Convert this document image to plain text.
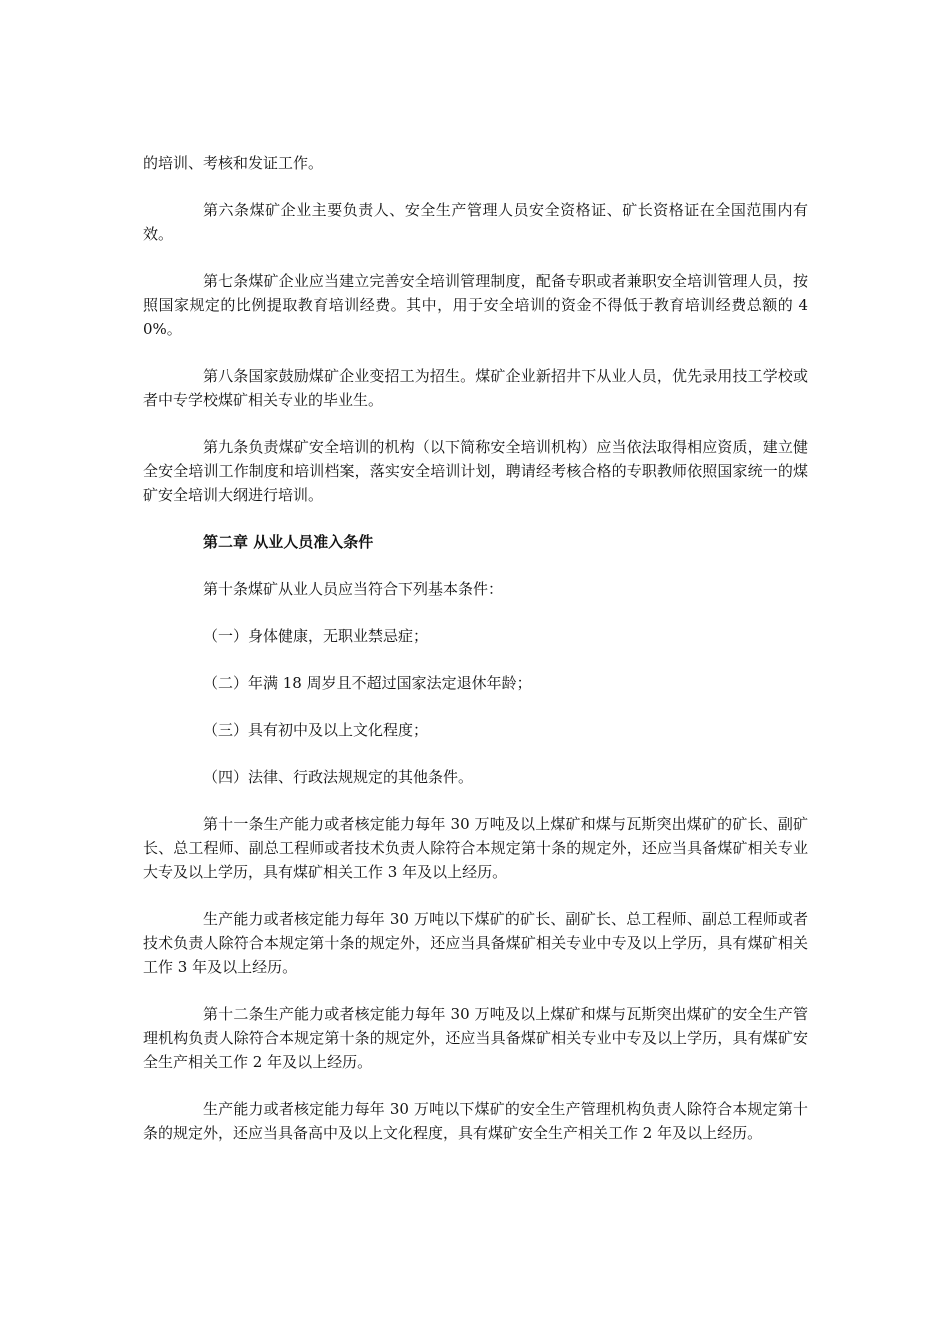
的培训、考核和发证工作。

第六条煤矿企业主要负责人、安全生产管理人员安全资格证、矿长资格证在全国范围内有效。

第七条煤矿企业应当建立完善安全培训管理制度，配备专职或者兼职安全培训管理人员，按照国家规定的比例提取教育培训经费。其中，用于安全培训的资金不得低于教育培训经费总额的 40%。

第八条国家鼓励煤矿企业变招工为招生。煤矿企业新招井下从业人员，优先录用技工学校或者中专学校煤矿相关专业的毕业生。

第九条负责煤矿安全培训的机构（以下简称安全培训机构）应当依法取得相应资质，建立健全安全培训工作制度和培训档案，落实安全培训计划，聘请经考核合格的专职教师依照国家统一的煤矿安全培训大纲进行培训。

第二章 从业人员准入条件
第十条煤矿从业人员应当符合下列基本条件：
（一）身体健康，无职业禁忌症；
（二）年满 18 周岁且不超过国家法定退休年龄；
（三）具有初中及以上文化程度；
（四）法律、行政法规规定的其他条件。

第十一条生产能力或者核定能力每年 30 万吨及以上煤矿和煤与瓦斯突出煤矿的矿长、副矿长、总工程师、副总工程师或者技术负责人除符合本规定第十条的规定外，还应当具备煤矿相关专业大专及以上学历，具有煤矿相关工作 3 年及以上经历。

生产能力或者核定能力每年 30 万吨以下煤矿的矿长、副矿长、总工程师、副总工程师或者技术负责人除符合本规定第十条的规定外，还应当具备煤矿相关专业中专及以上学历，具有煤矿相关工作 3 年及以上经历。

第十二条生产能力或者核定能力每年 30 万吨及以上煤矿和煤与瓦斯突出煤矿的安全生产管理机构负责人除符合本规定第十条的规定外，还应当具备煤矿相关专业中专及以上学历，具有煤矿安全生产相关工作 2 年及以上经历。

生产能力或者核定能力每年 30 万吨以下煤矿的安全生产管理机构负责人除符合本规定第十条的规定外，还应当具备高中及以上文化程度，具有煤矿安全生产相关工作 2 年及以上经历。
